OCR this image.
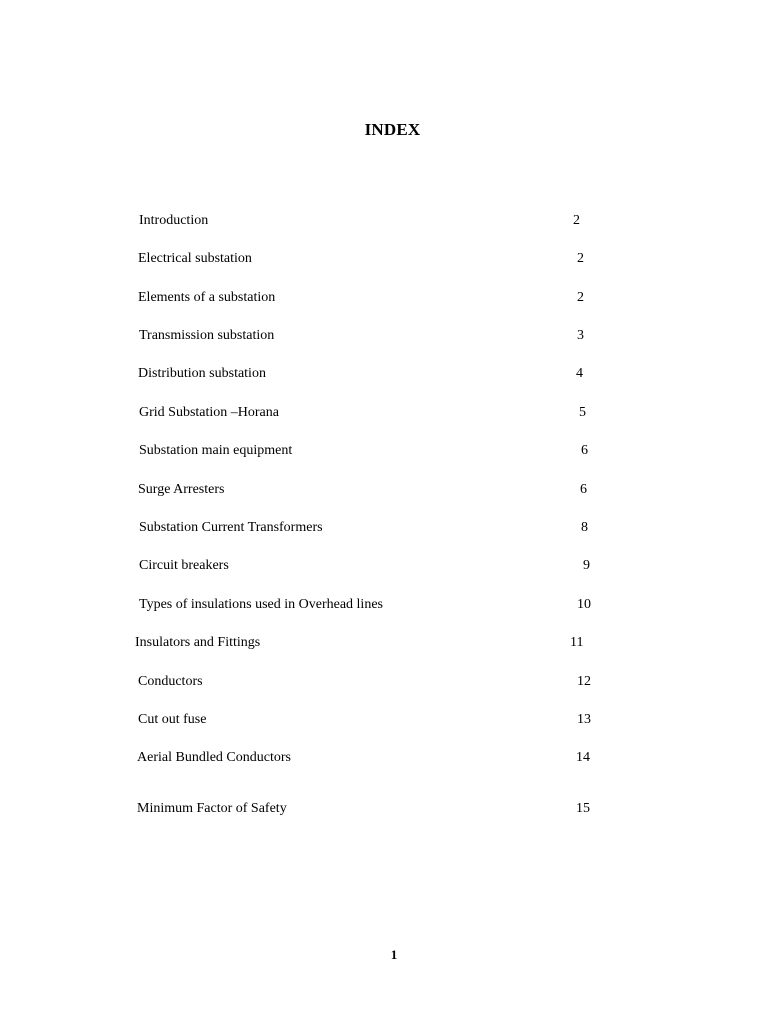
INDEX
Introduction	2
Electrical substation	2
Elements of a substation	2
Transmission substation	3
Distribution substation	4
Grid Substation –Horana	5
Substation main equipment	6
Surge Arresters	6
Substation Current Transformers	8
Circuit breakers	9
Types of insulations used in Overhead lines	10
Insulators and Fittings	11
Conductors	12
Cut out fuse	13
Aerial Bundled Conductors	14
Minimum Factor of Safety	15
1
